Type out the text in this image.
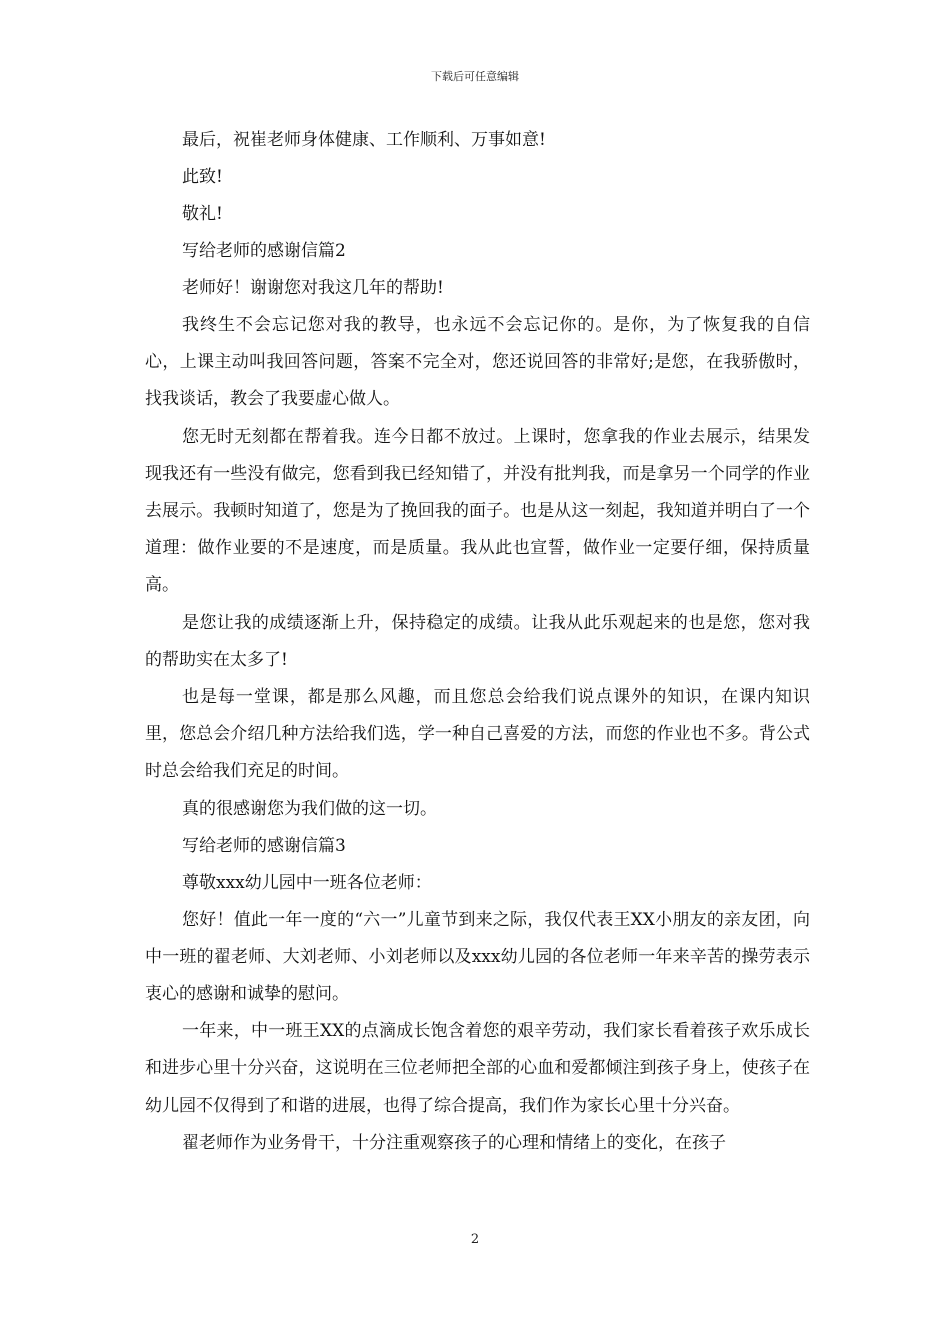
下载后可任意编辑
最后，祝崔老师身体健康、工作顺利、万事如意!
此致!
敬礼!
写给老师的感谢信篇2
老师好！谢谢您对我这几年的帮助!
我终生不会忘记您对我的教导，也永远不会忘记你的。是你，为了恢复我的自信心，上课主动叫我回答问题，答案不完全对，您还说回答的非常好;是您，在我骄傲时，找我谈话，教会了我要虚心做人。
您无时无刻都在帮着我。连今日都不放过。上课时，您拿我的作业去展示，结果发现我还有一些没有做完，您看到我已经知错了，并没有批判我，而是拿另一个同学的作业去展示。我顿时知道了，您是为了挽回我的面子。也是从这一刻起，我知道并明白了一个道理：做作业要的不是速度，而是质量。我从此也宣誓，做作业一定要仔细，保持质量高。
是您让我的成绩逐渐上升，保持稳定的成绩。让我从此乐观起来的也是您，您对我的帮助实在太多了!
也是每一堂课，都是那么风趣，而且您总会给我们说点课外的知识，在课内知识里，您总会介绍几种方法给我们选，学一种自己喜爱的方法，而您的作业也不多。背公式时总会给我们充足的时间。
真的很感谢您为我们做的这一切。
写给老师的感谢信篇3
尊敬xxx幼儿园中一班各位老师：
您好！值此一年一度的“六一”儿童节到来之际，我仅代表王XX小朋友的亲友团，向中一班的翟老师、大刘老师、小刘老师以及xxx幼儿园的各位老师一年来辛苦的操劳表示衷心的感谢和诚挚的慰问。
一年来，中一班王XX的点滴成长饱含着您的艰辛劳动，我们家长看着孩子欢乐成长和进步心里十分兴奋，这说明在三位老师把全部的心血和爱都倾注到孩子身上，使孩子在幼儿园不仅得到了和谐的进展，也得了综合提高，我们作为家长心里十分兴奋。
翟老师作为业务骨干，十分注重观察孩子的心理和情绪上的变化，在孩子
2
